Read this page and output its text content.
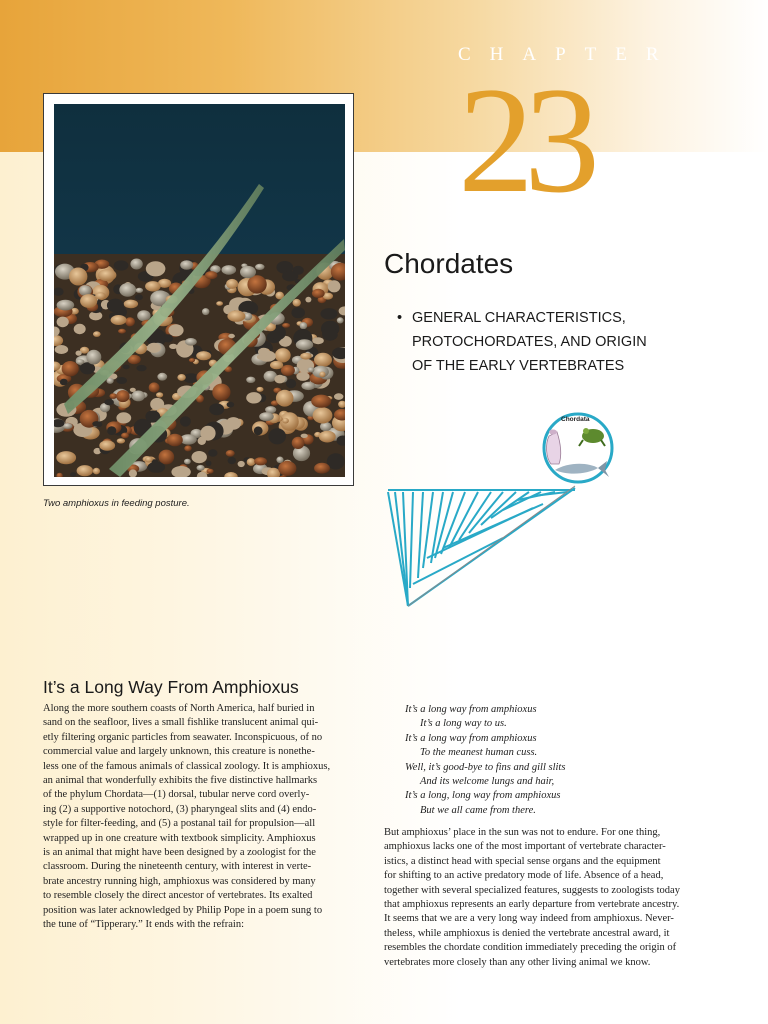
CHAPTER
23
Two amphioxus in feeding posture.
Chordates
• GENERAL CHARACTERISTICS,
PROTOCHORDATES, AND ORIGIN
OF THE EARLY VERTEBRATES
Chordata
It’s a Long Way From Amphioxus
Along the more southern coasts of North America, half buried in
sand on the seafloor, lives a small fishlike translucent animal qui-
etly filtering organic particles from seawater. Inconspicuous, of no
commercial value and largely unknown, this creature is nonethe-
less one of the famous animals of classical zoology. It is amphioxus,
an animal that wonderfully exhibits the five distinctive hallmarks
of the phylum Chordata—(1) dorsal, tubular nerve cord overly-
ing (2) a supportive notochord, (3) pharyngeal slits and (4) endo-
style for filter-feeding, and (5) a postanal tail for propulsion—all
wrapped up in one creature with textbook simplicity. Amphioxus
is an animal that might have been designed by a zoologist for the
classroom. During the nineteenth century, with interest in verte-
brate ancestry running high, amphioxus was considered by many
to resemble closely the direct ancestor of vertebrates. Its exalted
position was later acknowledged by Philip Pope in a poem sung to
the tune of “Tipperary.” It ends with the refrain:
It’s a long way from amphioxus
It’s a long way to us.
It’s a long way from amphioxus
To the meanest human cuss.
Well, it’s good-bye to fins and gill slits
And its welcome lungs and hair,
It’s a long, long way from amphioxus
But we all came from there.
But amphioxus’ place in the sun was not to endure. For one thing,
amphioxus lacks one of the most important of vertebrate character-
istics, a distinct head with special sense organs and the equipment
for shifting to an active predatory mode of life. Absence of a head,
together with several specialized features, suggests to zoologists today
that amphioxus represents an early departure from vertebrate ancestry.
It seems that we are a very long way indeed from amphioxus. Never-
theless, while amphioxus is denied the vertebrate ancestral award, it
resembles the chordate condition immediately preceding the origin of
vertebrates more closely than any other living animal we know.
